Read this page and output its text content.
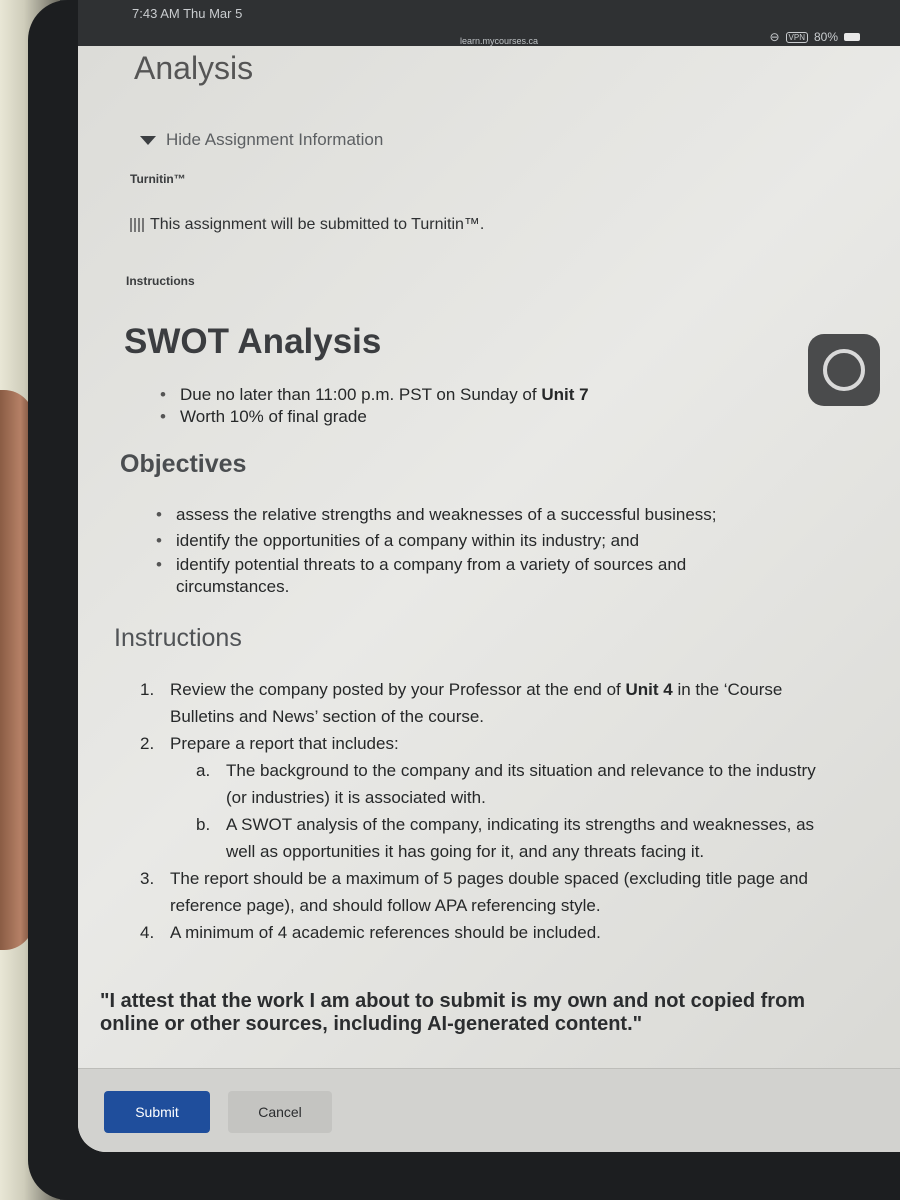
7:43 AM Thu Mar 5
learn.mycourses.ca	⊖	VPN 80%
Analysis
Hide Assignment Information
Turnitin™
This assignment will be submitted to Turnitin™.
Instructions
SWOT Analysis
• Due no later than 11:00 p.m. PST on Sunday of Unit 7
• Worth 10% of final grade
Objectives
• assess the relative strengths and weaknesses of a successful business;
• identify the opportunities of a company within its industry; and
• identify potential threats to a company from a variety of sources and circumstances.
Instructions
1. Review the company posted by your Professor at the end of Unit 4 in the ‘Course Bulletins and News’ section of the course.
2. Prepare a report that includes:
a. The background to the company and its situation and relevance to the industry (or industries) it is associated with.
b. A SWOT analysis of the company, indicating its strengths and weaknesses, as well as opportunities it has going for it, and any threats facing it.
3. The report should be a maximum of 5 pages double spaced (excluding title page and reference page), and should follow APA referencing style.
4. A minimum of 4 academic references should be included.

"I attest that the work I am about to submit is my own and not copied from online or other sources, including AI-generated content."

Submit	Cancel
